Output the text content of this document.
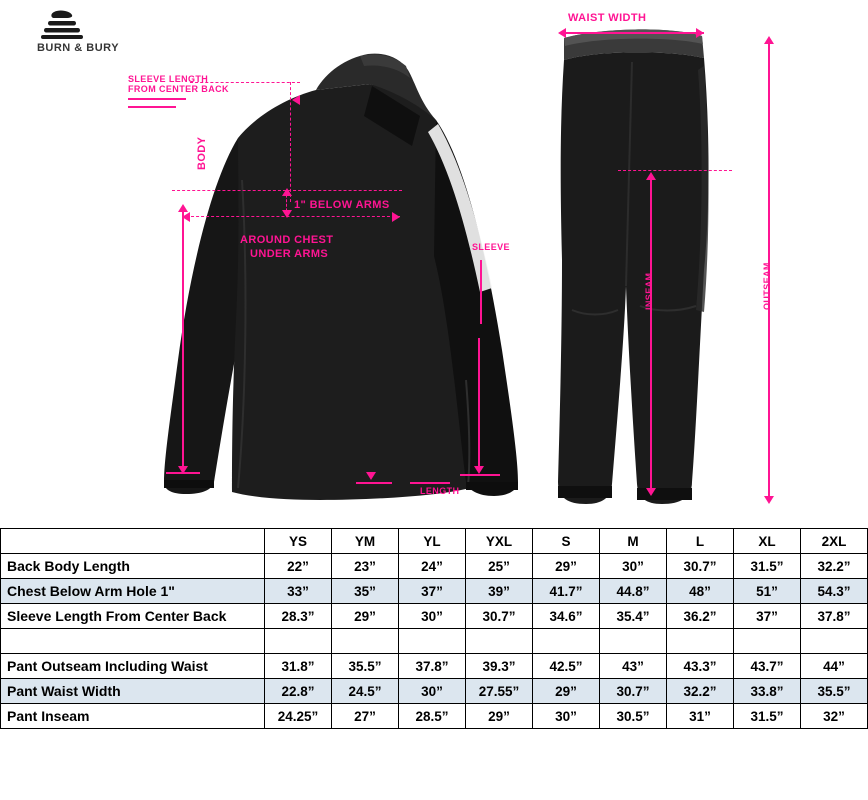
BURN & BURY
SLEEVE LENGTH FROM CENTER BACK
BODY
1" BELOW ARMS
AROUND CHEST
UNDER ARMS
SLEEVE
LENGTH
WAIST WIDTH
OUTSEAM
INSEAM
	YS	YM	YL	YXL	S	M	L	XL	2XL
Back Body Length	22”	23”	24”	25”	29”	30”	30.7”	31.5”	32.2”
Chest Below Arm Hole 1"	33”	35”	37”	39”	41.7”	44.8”	48”	51”	54.3”
Sleeve Length From Center Back	28.3”	29”	30”	30.7”	34.6”	35.4”	36.2”	37”	37.8”

Pant Outseam Including Waist	31.8”	35.5”	37.8”	39.3”	42.5”	43”	43.3”	43.7”	44”
Pant Waist Width	22.8”	24.5”	30”	27.55”	29”	30.7”	32.2”	33.8”	35.5”
Pant Inseam	24.25”	27”	28.5”	29”	30”	30.5”	31”	31.5”	32”
